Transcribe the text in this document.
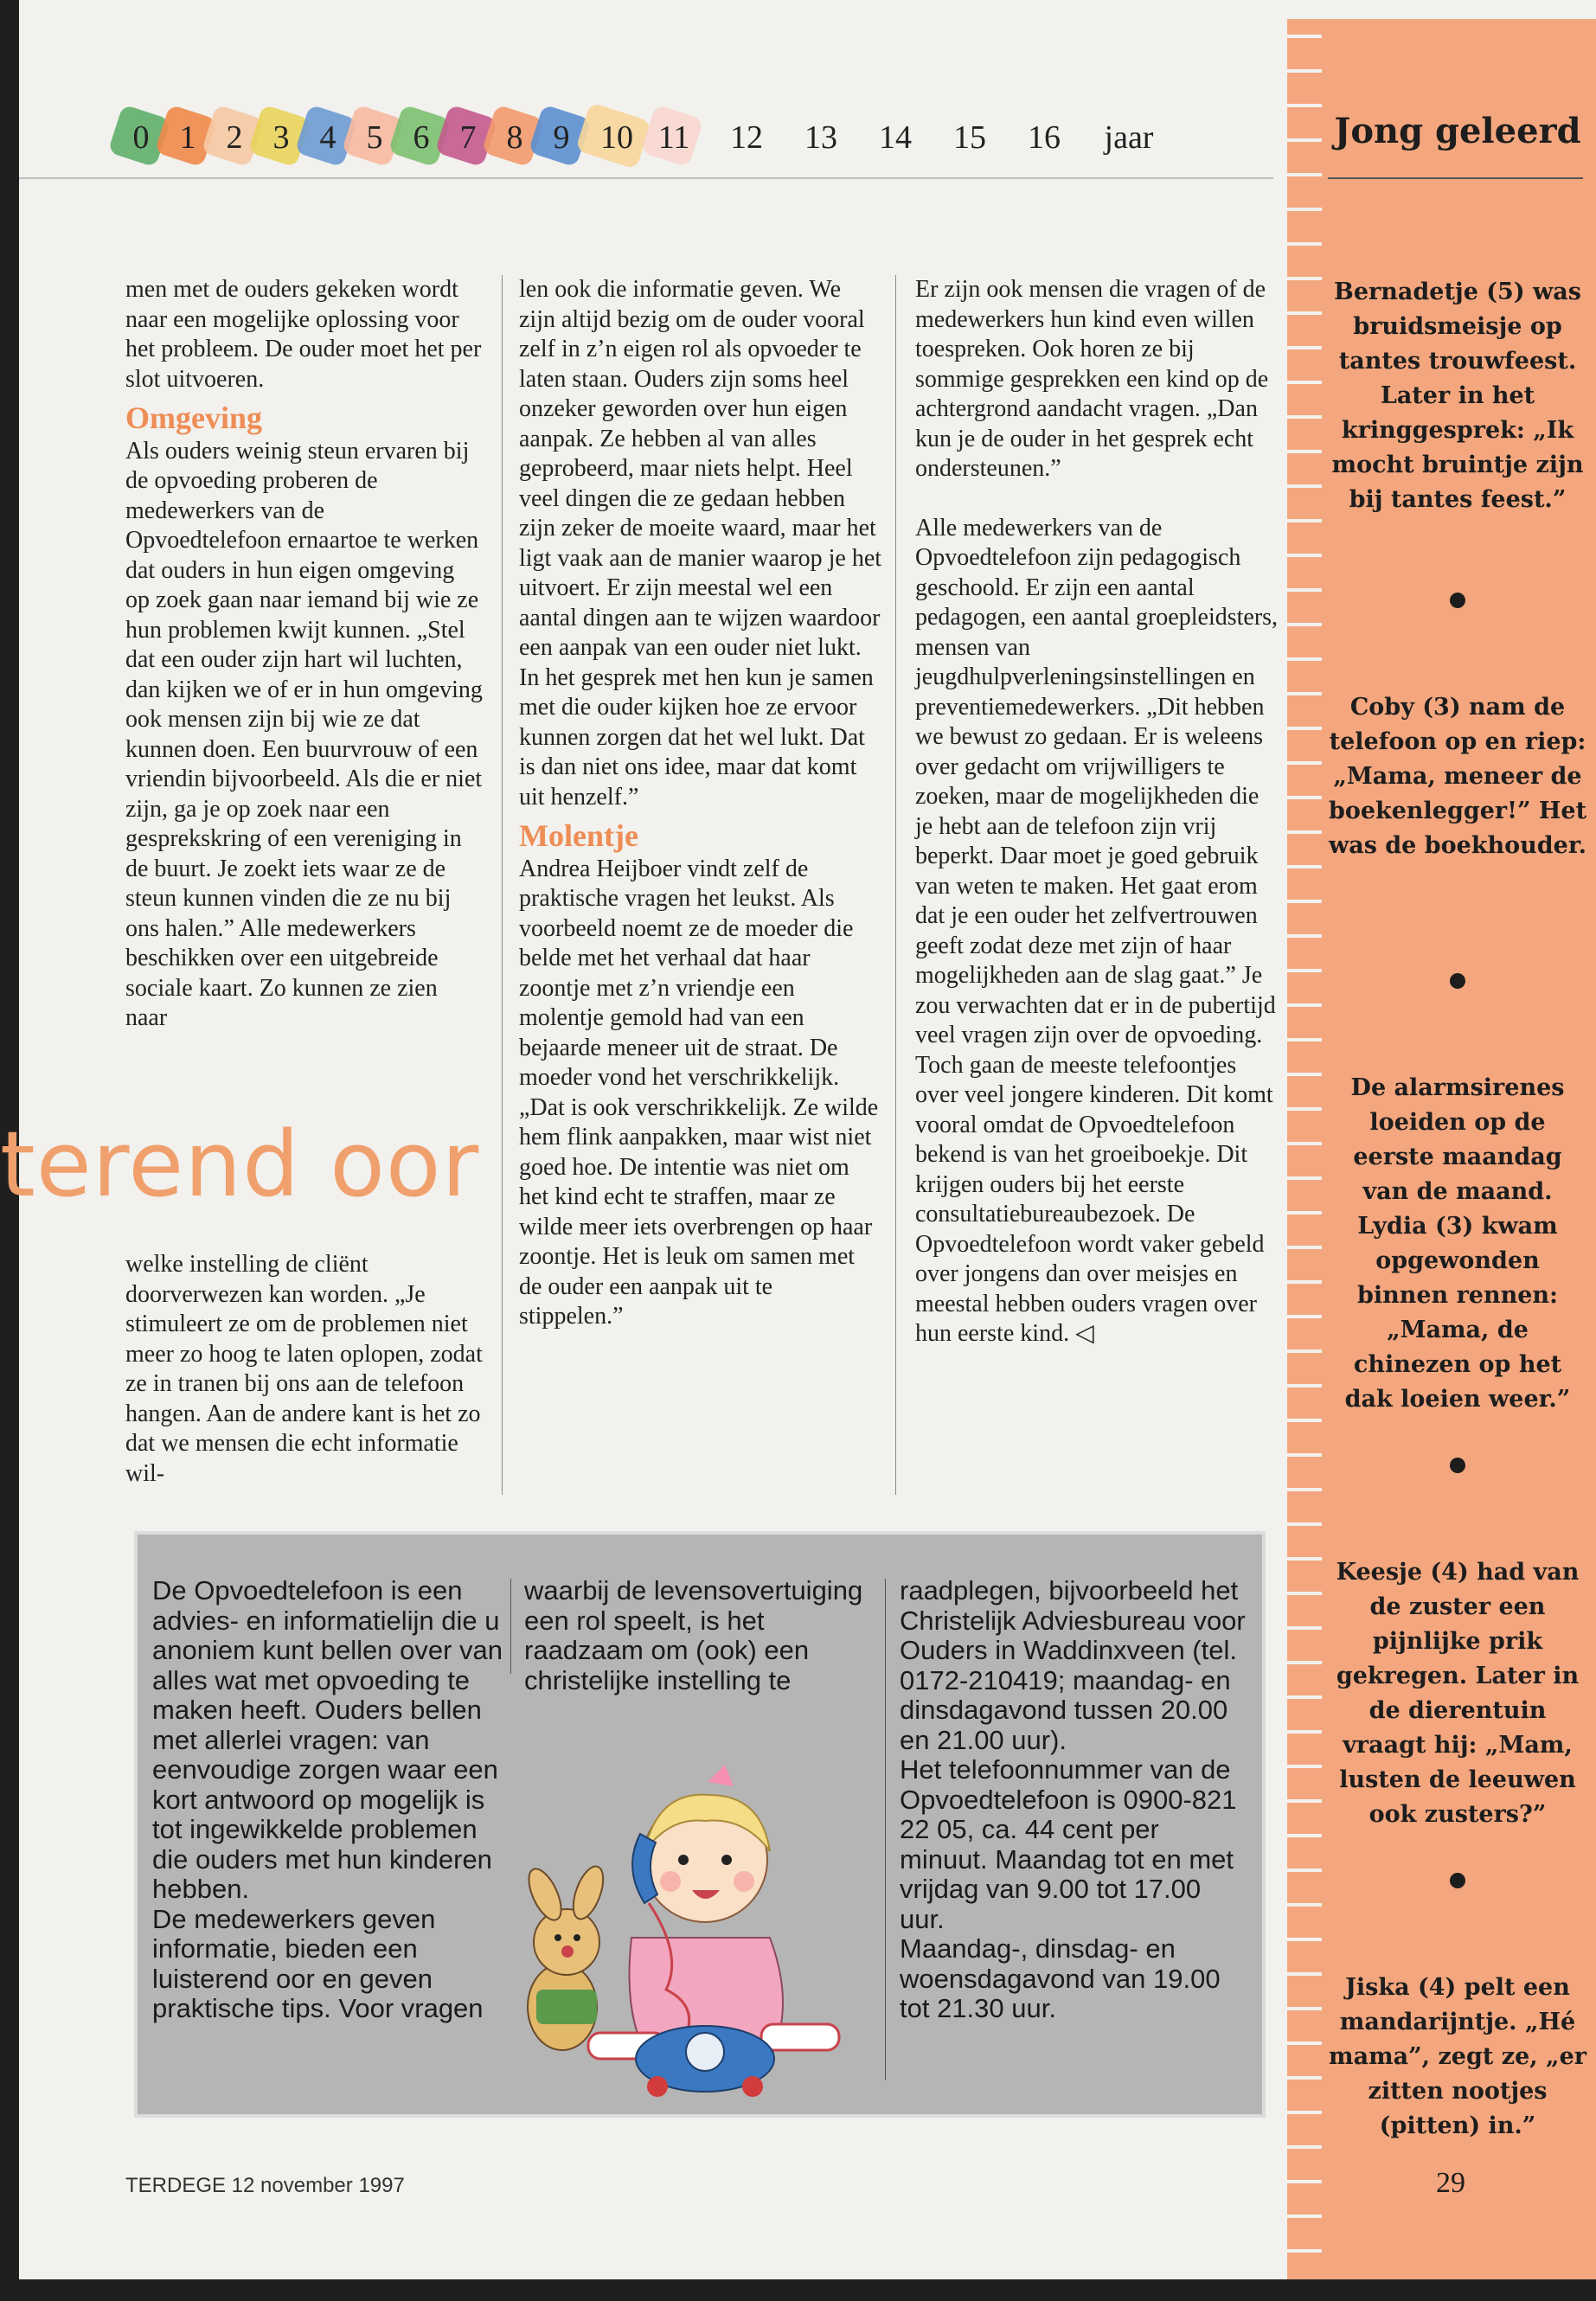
Jong geleerd
Bernadetje (5) was bruidsmeisje op tantes trouwfeest. Later in het kringgesprek: „Ik mocht bruintje zijn bij tantes feest.”
Coby (3) nam de telefoon op en riep: „Mama, meneer de boekenlegger!” Het was de boekhouder.
De alarmsirenes loeiden op de eerste maandag van de maand. Lydia (3) kwam opgewonden binnen rennen: „Mama, de chinezen op het dak loeien weer.”
Keesje (4) had van de zuster een pijnlijke prik gekregen. Later in de dierentuin vraagt hij: „Mam, lusten de leeuwen ook zusters?”
Jiska (4) pelt een mandarijntje. „Hé mama”, zegt ze, „er zitten nootjes (pitten) in.”
0 1 2 3 4 5 6 7 8 9 10 11 12 13 14 15 16	jaar

men met de ouders gekeken wordt naar een mogelijke oplossing voor het probleem. De ouder moet het per slot uitvoeren.

Omgeving

Als ouders weinig steun ervaren bij de opvoeding proberen de medewerkers van de Opvoedtelefoon ernaartoe te werken dat ouders in hun eigen omgeving op zoek gaan naar iemand bij wie ze hun problemen kwijt kunnen. „Stel dat een ouder zijn hart wil luchten, dan kijken we of er in hun omgeving ook mensen zijn bij wie ze dat kunnen doen. Een buurvrouw of een vriendin bijvoorbeeld. Als die er niet zijn, ga je op zoek naar een gesprekskring of een vereniging in de buurt. Je zoekt iets waar ze de steun kunnen vinden die ze nu bij ons halen.” Alle medewerkers beschikken over een uitgebreide sociale kaart. Zo kunnen ze zien naar

terend oor

welke instelling de cliënt doorverwezen kan worden. „Je stimuleert ze om de problemen niet meer zo hoog te laten oplopen, zodat ze in tranen bij ons aan de telefoon hangen. Aan de andere kant is het zo dat we mensen die echt informatie wil-

len ook die informatie geven. We zijn altijd bezig om de ouder vooral zelf in z’n eigen rol als opvoeder te laten staan. Ouders zijn soms heel onzeker geworden over hun eigen aanpak. Ze hebben al van alles geprobeerd, maar niets helpt. Heel veel dingen die ze gedaan hebben zijn zeker de moeite waard, maar het ligt vaak aan de manier waarop je het uitvoert. Er zijn meestal wel een aantal dingen aan te wijzen waardoor een aanpak van een ouder niet lukt. In het gesprek met hen kun je samen met die ouder kijken hoe ze ervoor kunnen zorgen dat het wel lukt. Dat is dan niet ons idee, maar dat komt uit henzelf.”

Molentje

Andrea Heijboer vindt zelf de praktische vragen het leukst. Als voorbeeld noemt ze de moeder die belde met het verhaal dat haar zoontje met z’n vriendje een molentje gemold had van een bejaarde meneer uit de straat. De moeder vond het verschrikkelijk. „Dat is ook verschrikkelijk. Ze wilde hem flink aanpakken, maar wist niet goed hoe. De intentie was niet om het kind echt te straffen, maar ze wilde meer iets overbrengen op haar zoontje. Het is leuk om samen met de ouder een aanpak uit te stippelen.”

Er zijn ook mensen die vragen of de medewerkers hun kind even willen toespreken. Ook horen ze bij sommige gesprekken een kind op de achtergrond aandacht vragen. „Dan kun je de ouder in het gesprek echt ondersteunen.”

Alle medewerkers van de Opvoedtelefoon zijn pedagogisch geschoold. Er zijn een aantal pedagogen, een aantal groepleidsters, mensen van jeugdhulpverleningsinstellingen en preventiemedewerkers. „Dit hebben we bewust zo gedaan. Er is weleens over gedacht om vrijwilligers te zoeken, maar de mogelijkheden die je hebt aan de telefoon zijn vrij beperkt. Daar moet je goed gebruik van weten te maken. Het gaat erom dat je een ouder het zelfvertrouwen geeft zodat deze met zijn of haar mogelijkheden aan de slag gaat.” Je zou verwachten dat er in de pubertijd veel vragen zijn over de opvoeding. Toch gaan de meeste telefoontjes over veel jongere kinderen. Dit komt vooral omdat de Opvoedtelefoon bekend is van het groeiboekje. Dit krijgen ouders bij het eerste consultatiebureaubezoek. De Opvoedtelefoon wordt vaker gebeld over jongens dan over meisjes en meestal hebben ouders vragen over hun eerste kind. ◁

De Opvoedtelefoon is een advies- en informatielijn die u anoniem kunt bellen over van alles wat met opvoeding te maken heeft. Ouders bellen met allerlei vragen: van eenvoudige zorgen waar een kort antwoord op mogelijk is tot ingewikkelde problemen die ouders met hun kinderen hebben.

De medewerkers geven informatie, bieden een luisterend oor en geven praktische tips. Voor vragen

waarbij de levensovertuiging een rol speelt, is het raadzaam om (ook) een christelijke instelling te

raadplegen, bijvoorbeeld het Christelijk Adviesbureau voor Ouders in Waddinxveen (tel. 0172-210419; maandag- en dinsdagavond tussen 20.00 en 21.00 uur).

Het telefoonnummer van de Opvoedtelefoon is 0900-821 22 05, ca. 44 cent per minuut. Maandag tot en met vrijdag van 9.00 tot 17.00 uur.

Maandag-, dinsdag- en woensdagavond van 19.00 tot 21.30 uur.

TERDEGE 12 november 1997	29
